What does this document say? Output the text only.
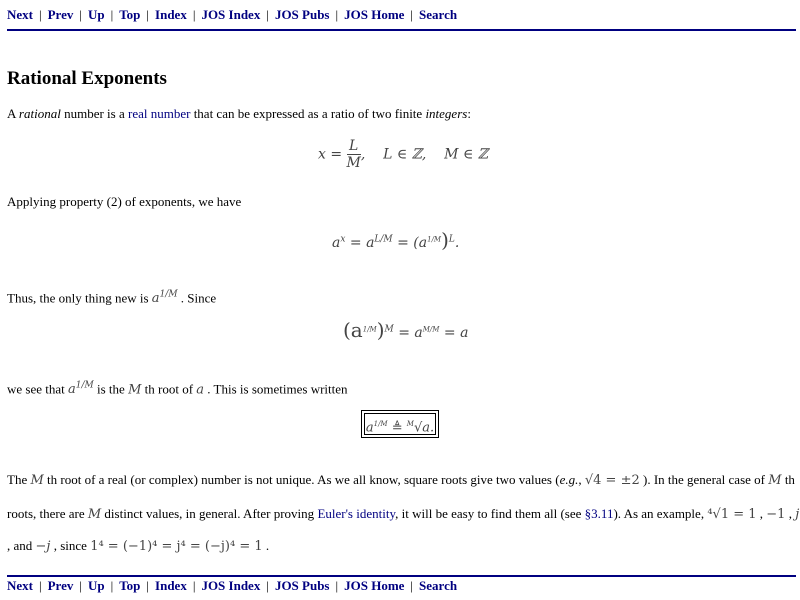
Next | Prev | Up | Top | Index | JOS Index | JOS Pubs | JOS Home | Search
Rational Exponents
A rational number is a real number that can be expressed as a ratio of two finite integers:
$x = \frac{L}{M}$ ,    L ∈ ℤ,    M ∈ ℤ
Applying property (2) of exponents, we have
$a^x = a^{L/M} = (a^{1/M})^L$.
Thus, the only thing new is $a^{1/M}$ . Since
$(a^{1/M})^M = a^{M/M} = a$
we see that $a^{1/M}$ is the M th root of a . This is sometimes written
$a^{1/M}$ ≜ $^M$√a.
The M th root of a real (or complex) number is not unique. As we all know, square roots give two values (e.g., √4 = ±2 ). In the general case of M th
roots, there are M distinct values, in general. After proving Euler's identity, it will be easy to find them all (see §3.11). As an example, ⁴√1 = 1 , −1 , j
, and −j , since 1⁴ = (−1)⁴ = j⁴ = (−j)⁴ = 1 .
Next | Prev | Up | Top | Index | JOS Index | JOS Pubs | JOS Home | Search
